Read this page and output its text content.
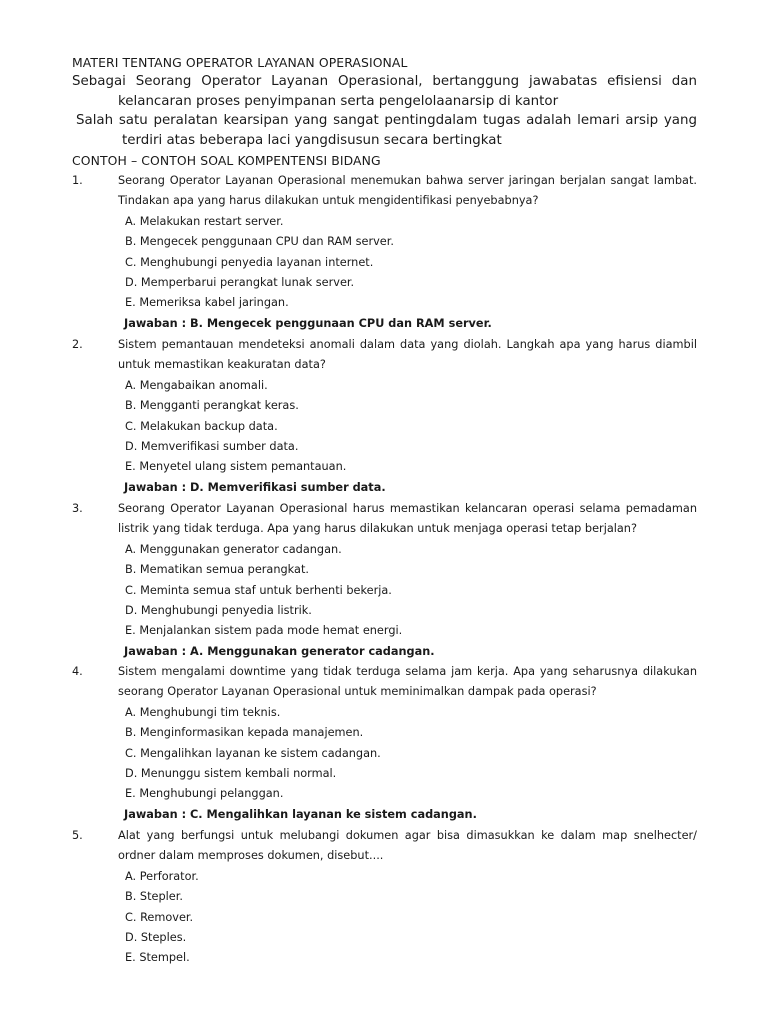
MATERI TENTANG OPERATOR LAYANAN OPERASIONAL

Sebagai Seorang Operator Layanan Operasional, bertanggung jawabatas efisiensi dan kelancaran proses penyimpanan serta pengelolaanarsip di kantor

Salah satu peralatan kearsipan yang sangat pentingdalam tugas adalah lemari arsip yang terdiri atas beberapa laci yangdisusun secara bertingkat

CONTOH – CONTOH SOAL KOMPENTENSI BIDANG
1.	Seorang Operator Layanan Operasional menemukan bahwa server jaringan berjalan sangat lambat. Tindakan apa yang harus dilakukan untuk mengidentifikasi penyebabnya?
A. Melakukan restart server.
B. Mengecek penggunaan CPU dan RAM server.
C. Menghubungi penyedia layanan internet.
D. Memperbarui perangkat lunak server.
E. Memeriksa kabel jaringan.
Jawaban : B. Mengecek penggunaan CPU dan RAM server.
2.	Sistem pemantauan mendeteksi anomali dalam data yang diolah. Langkah apa yang harus diambil untuk memastikan keakuratan data?
A. Mengabaikan anomali.
B. Mengganti perangkat keras.
C. Melakukan backup data.
D. Memverifikasi sumber data.
E. Menyetel ulang sistem pemantauan.
Jawaban : D. Memverifikasi sumber data.
3.	Seorang Operator Layanan Operasional harus memastikan kelancaran operasi selama pemadaman listrik yang tidak terduga. Apa yang harus dilakukan untuk menjaga operasi tetap berjalan?
A. Menggunakan generator cadangan.
B. Mematikan semua perangkat.
C. Meminta semua staf untuk berhenti bekerja.
D. Menghubungi penyedia listrik.
E. Menjalankan sistem pada mode hemat energi.
Jawaban : A. Menggunakan generator cadangan.
4.	Sistem mengalami downtime yang tidak terduga selama jam kerja. Apa yang seharusnya dilakukan seorang Operator Layanan Operasional untuk meminimalkan dampak pada operasi?
A. Menghubungi tim teknis.
B. Menginformasikan kepada manajemen.
C. Mengalihkan layanan ke sistem cadangan.
D. Menunggu sistem kembali normal.
E. Menghubungi pelanggan.
Jawaban : C. Mengalihkan layanan ke sistem cadangan.
5.	Alat yang berfungsi untuk melubangi dokumen agar bisa dimasukkan ke dalam map snelhecter/ ordner dalam memproses dokumen, disebut....
A. Perforator.
B. Stepler.
C. Remover.
D. Steples.
E. Stempel.
